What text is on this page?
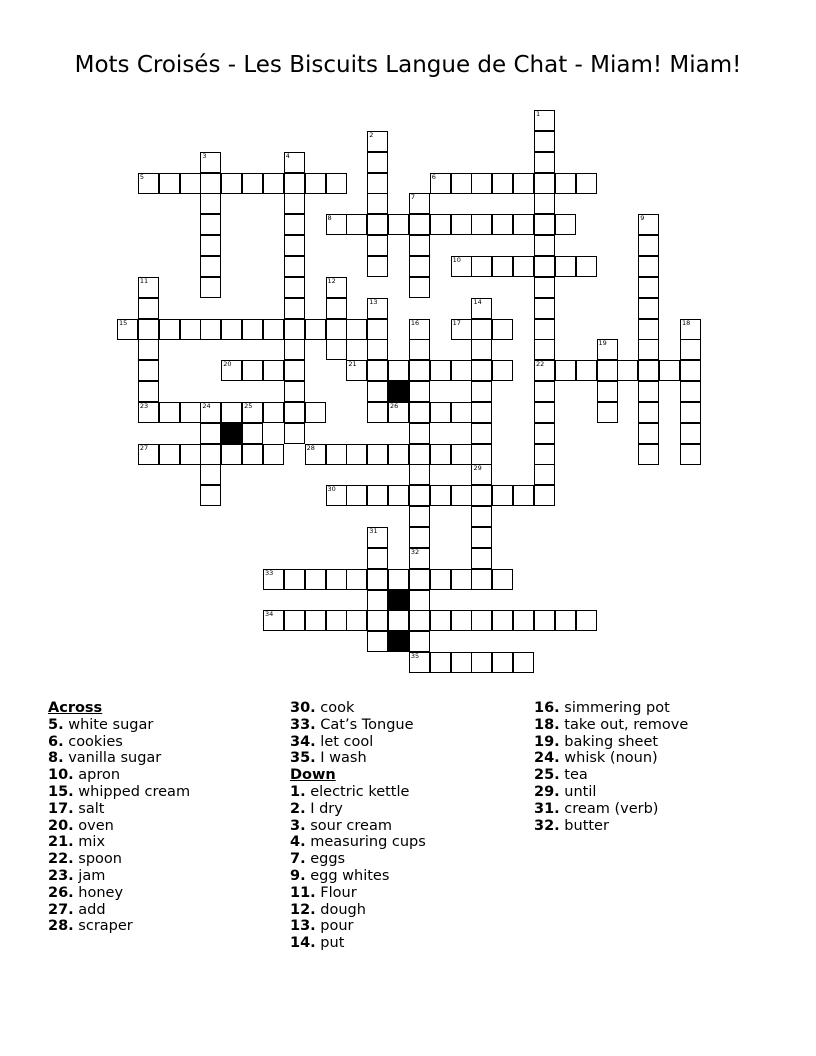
Mots Croisés - Les Biscuits Langue de Chat - Miam! Miam!
1
22
2
3	4
5	6
7
8	9
10
11	12
13	14
15	16	17	18
19
20	21
23	24	25	26
27	28
29
30
31
32
35
33
34
Across
5. white sugar
6. cookies
8. vanilla sugar
10. apron
15. whipped cream
17. salt
20. oven
21. mix
22. spoon
23. jam
26. honey
27. add
28. scraper
30. cook
33. Cat’s Tongue
34. let cool
35. I wash
Down
1. electric kettle
2. I dry
3. sour cream
4. measuring cups
7. eggs
9. egg whites
11. Flour
12. dough
13. pour
14. put
16. simmering pot
18. take out, remove
19. baking sheet
24. whisk (noun)
25. tea
29. until
31. cream (verb)
32. butter
